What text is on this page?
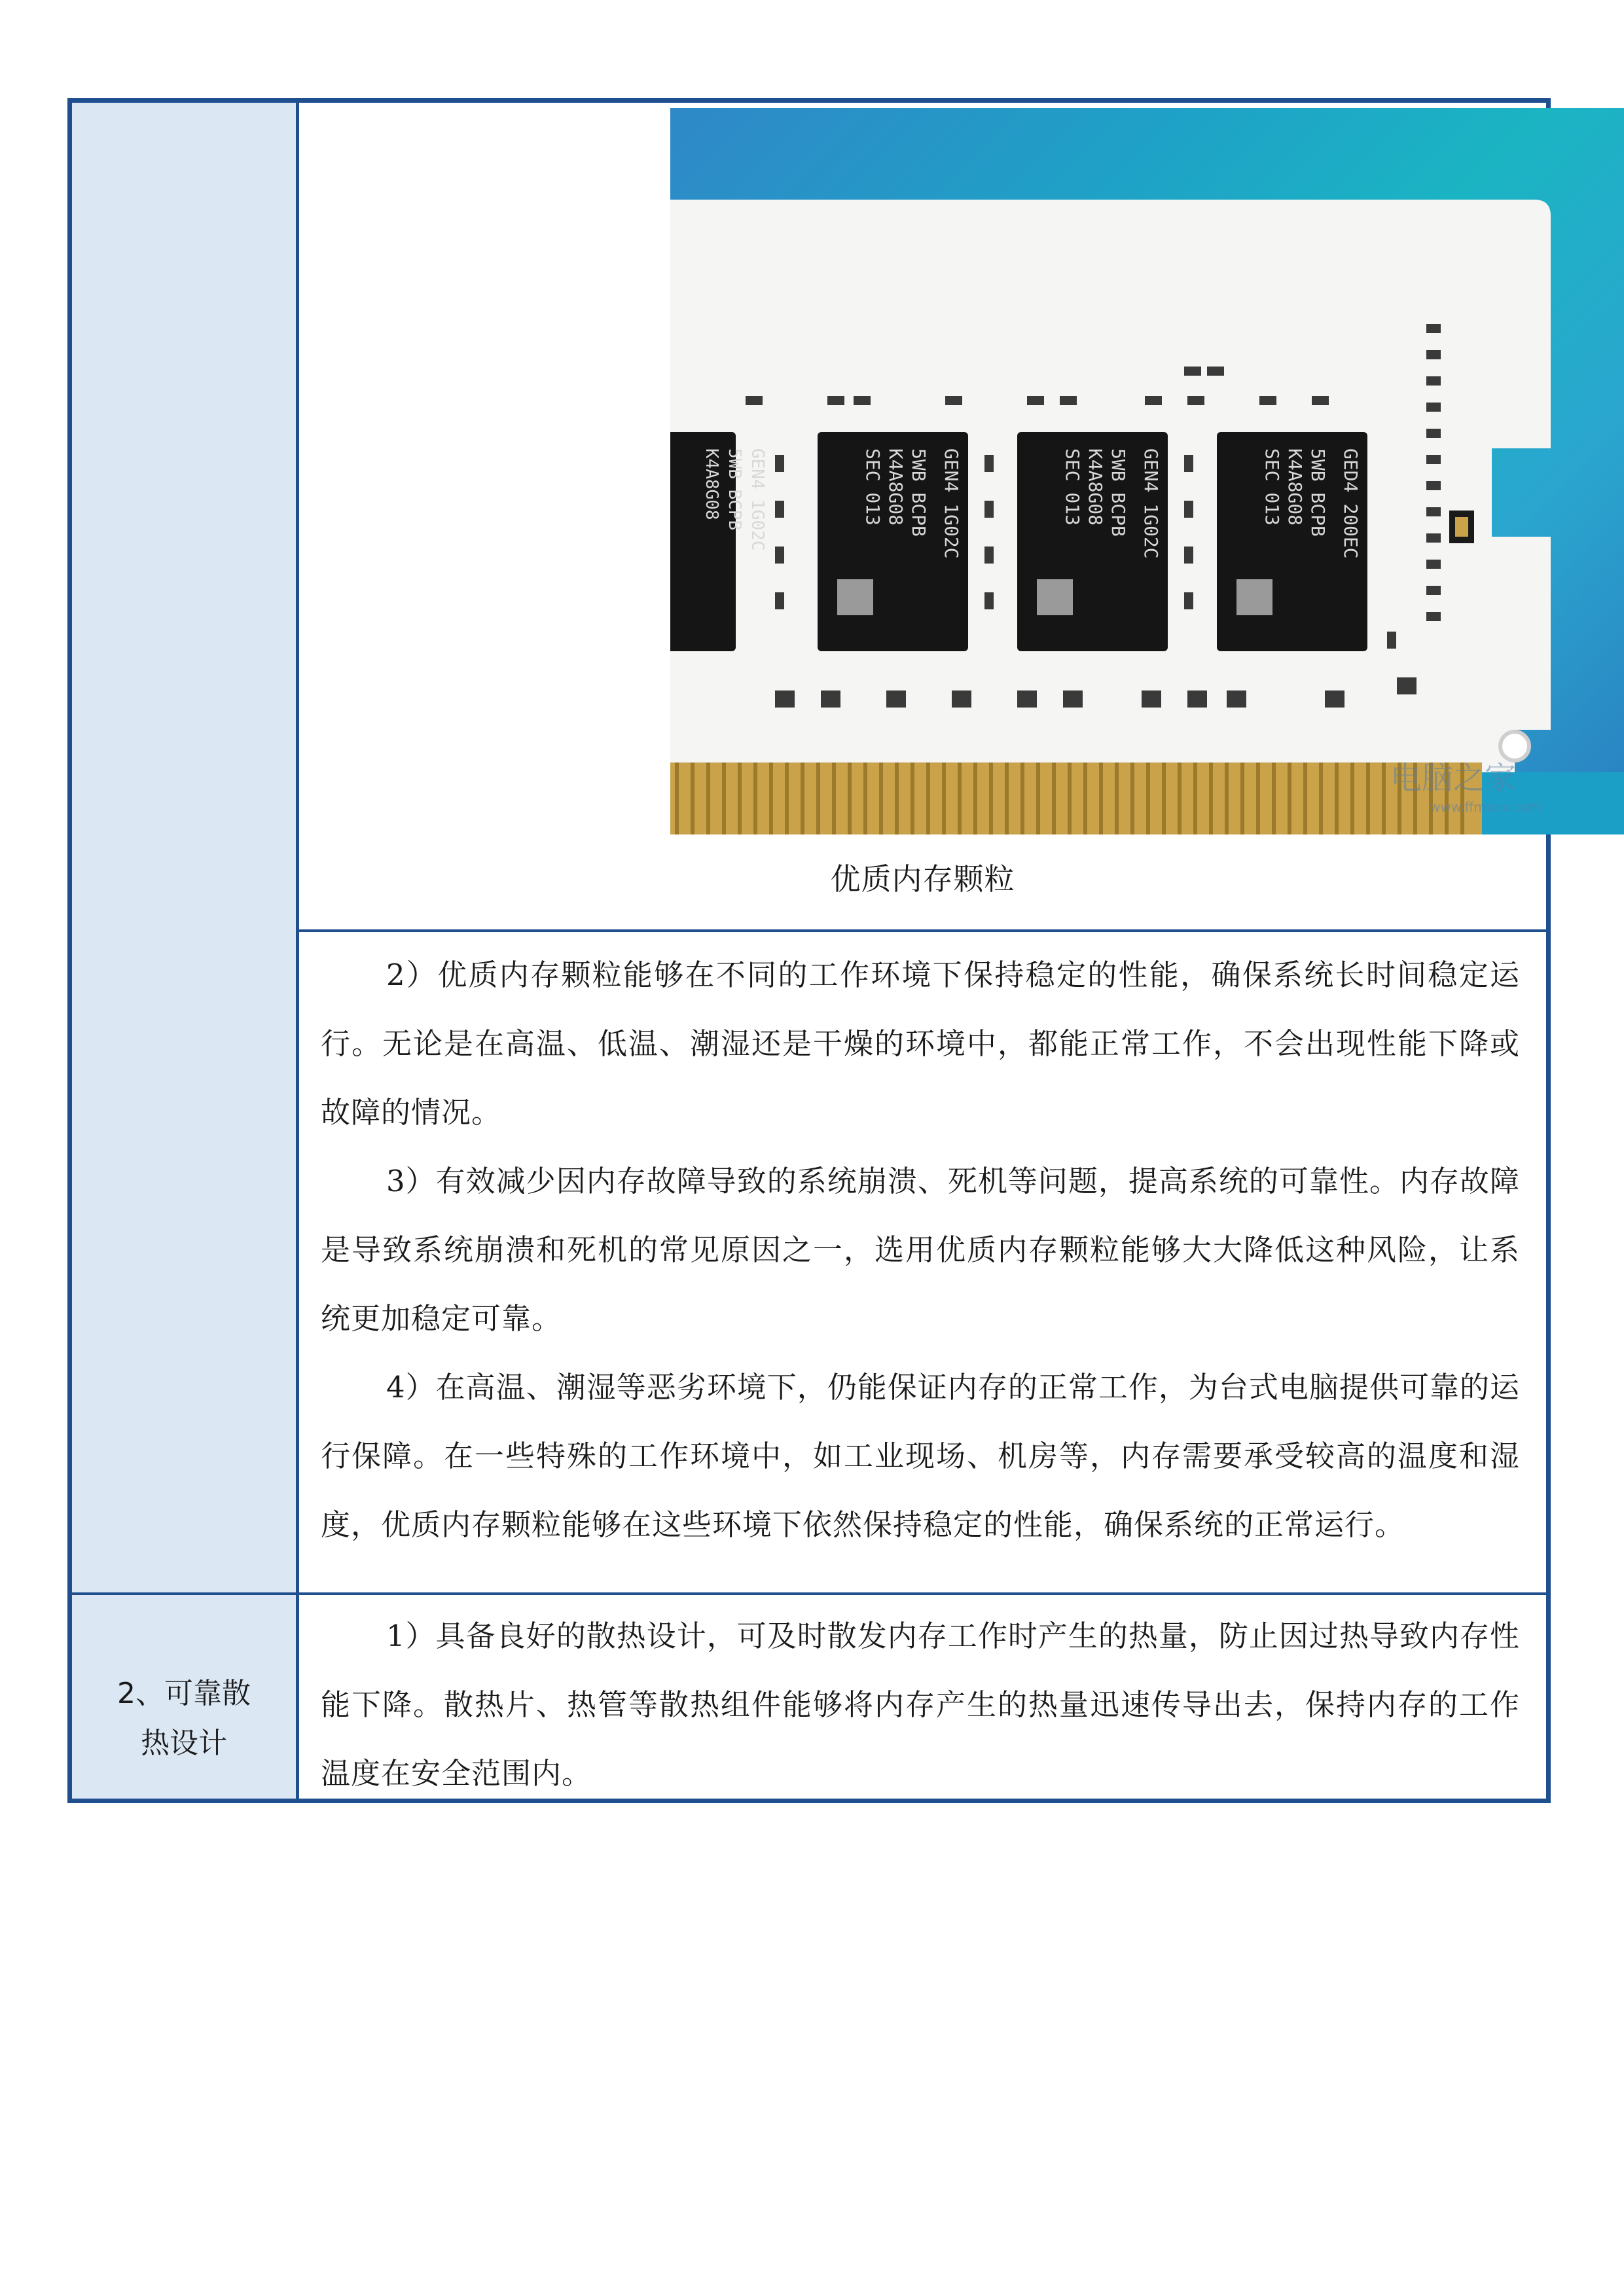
K4A8G08 5WB BCPB GEN4 1G02C	SEC 013 K4A8G08 5WB BCPB GEN4 1G02C	SEC 013 K4A8G08 5WB BCPB GEN4 1G02C	SEC 013 K4A8G08 5WB BCPB GED4 200EC
电脑之家
www.ffmxxx.com
优质内存颗粒

2）优质内存颗粒能够在不同的工作环境下保持稳定的性能，确保系统长时间稳定运行。无论是在高温、低温、潮湿还是干燥的环境中，都能正常工作，不会出现性能下降或故障的情况。

3）有效减少因内存故障导致的系统崩溃、死机等问题，提高系统的可靠性。内存故障是导致系统崩溃和死机的常见原因之一，选用优质内存颗粒能够大大降低这种风险，让系统更加稳定可靠。

4）在高温、潮湿等恶劣环境下，仍能保证内存的正常工作，为台式电脑提供可靠的运行保障。在一些特殊的工作环境中，如工业现场、机房等，内存需要承受较高的温度和湿度，优质内存颗粒能够在这些环境下依然保持稳定的性能，确保系统的正常运行。

2、可靠散
热设计

1）具备良好的散热设计，可及时散发内存工作时产生的热量，防止因过热导致内存性能下降。散热片、热管等散热组件能够将内存产生的热量迅速传导出去，保持内存的工作温度在安全范围内。
